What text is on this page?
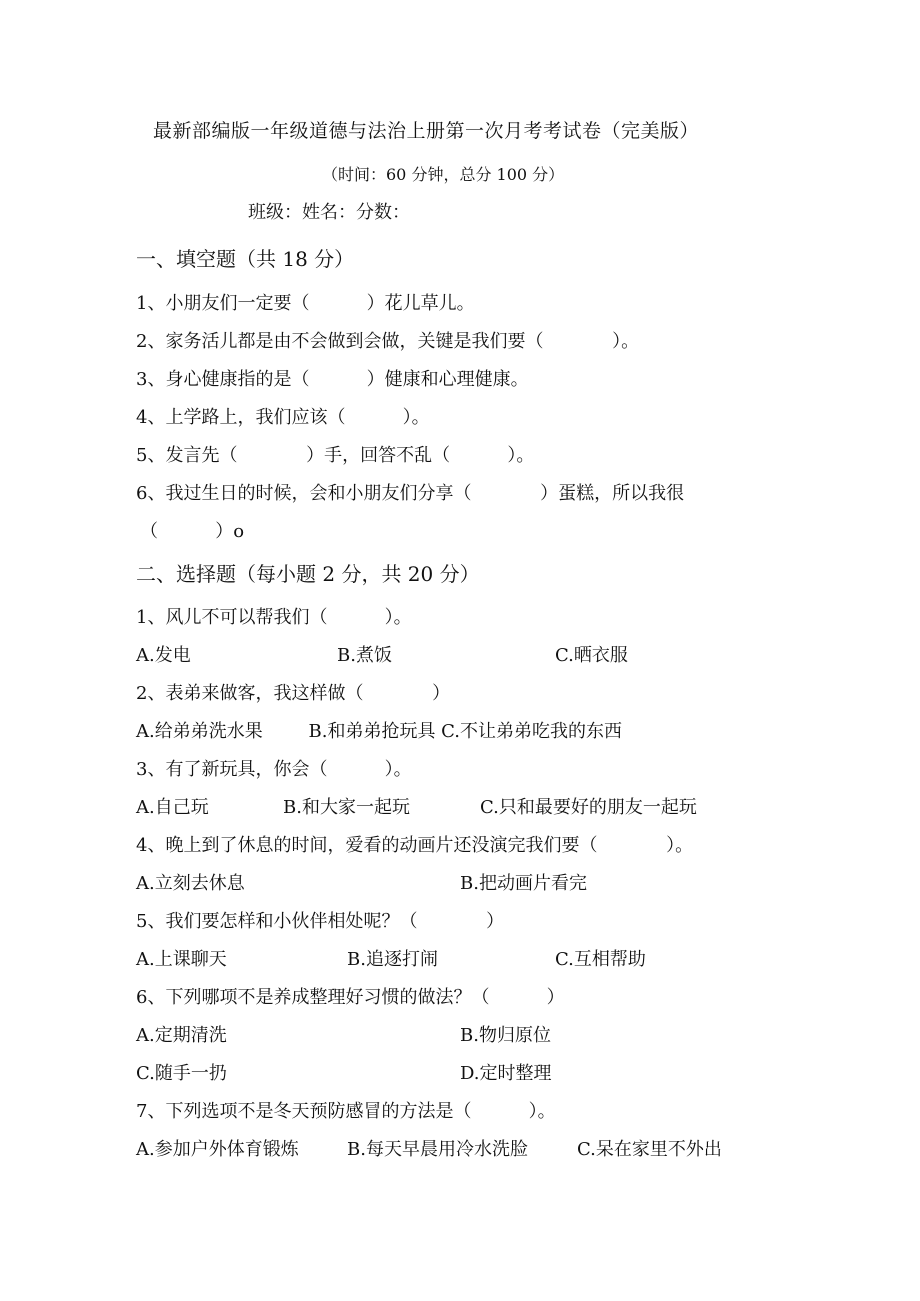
最新部编版一年级道德与法治上册第一次月考考试卷（完美版）
（时间：60 分钟，总分 100 分）
班级：姓名：分数：
一、填空题（共 18 分）
1、小朋友们一定要（          ）花儿草儿。
2、家务活儿都是由不会做到会做，关键是我们要（            ）。
3、身心健康指的是（          ）健康和心理健康。
4、上学路上，我们应该（          ）。
5、发言先（            ）手，回答不乱（          ）。
6、我过生日的时候，会和小朋友们分享（            ）蛋糕，所以我很
（          ）o
二、选择题（每小题 2 分，共 20 分）
1、风儿不可以帮我们（          ）。
A.发电	B.煮饭	C.晒衣服
2、表弟来做客，我这样做（            ）
A.给弟弟洗水果        B.和弟弟抢玩具 C.不让弟弟吃我的东西
3、有了新玩具，你会（          ）。
A.自己玩	B.和大家一起玩	C.只和最要好的朋友一起玩
4、晚上到了休息的时间，爱看的动画片还没演完我们要（            ）。
A.立刻去休息	B.把动画片看完
5、我们要怎样和小伙伴相处呢？（            ）
A.上课聊天	B.追逐打闹	C.互相帮助
6、下列哪项不是养成整理好习惯的做法？（          ）
A.定期清洗	B.物归原位
C.随手一扔	D.定时整理
7、下列选项不是冬天预防感冒的方法是（          ）。
A.参加户外体育锻炼	B.每天早晨用冷水洗脸	C.呆在家里不外出
